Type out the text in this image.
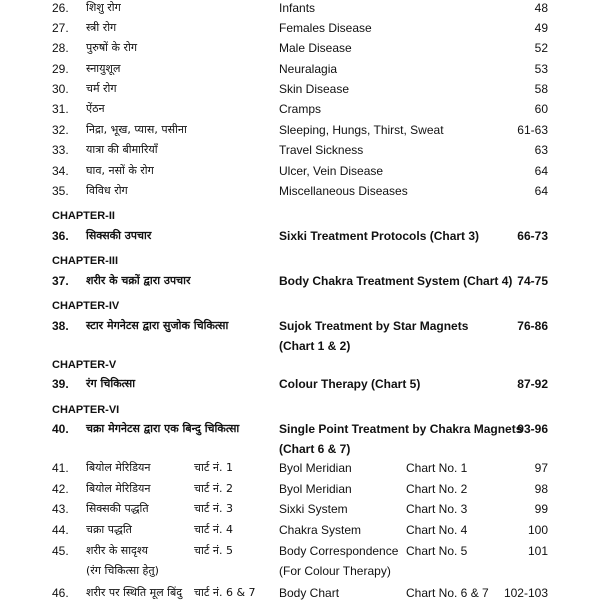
26. शिशु रोग	Infants	48
27. स्त्री रोग	Females Disease	49
28. पुरुषों के रोग	Male Disease	52
29. स्नायुशूल	Neuralagia	53
30. चर्म रोग	Skin Disease	58
31. ऐंठन	Cramps	60
32. निद्रा, भूख, प्यास, पसीना	Sleeping, Hungs, Thirst, Sweat	61-63
33. यात्रा की बीमारियाँ	Travel Sickness	63
34. घाव, नसों के रोग	Ulcer, Vein Disease	64
35. विविध रोग	Miscellaneous Diseases	64
CHAPTER-II
36. सिक्सकी उपचार	Sixki Treatment Protocols (Chart 3)	66-73
CHAPTER-III
37. शरीर के चक्रों द्वारा उपचार	Body Chakra Treatment System (Chart 4) 74-75
CHAPTER-IV
38. स्टार मेगनेटस द्वारा सुजोक चिकित्सा	Sujok Treatment by Star Magnets
(Chart 1 & 2)
76-86
CHAPTER-V
39. रंग चिकित्सा	Colour Therapy (Chart 5)	87-92
CHAPTER-VI
40. चक्रा मेगनेटस द्वारा एक बिन्दु चिकित्सा	Single Point Treatment by Chakra Magnets
(Chart 6 & 7)
93-96
41. बियोल मेरिडियन	चार्ट नं. 1	Byol Meridian	Chart No. 1	97
42. बियोल मेरिडियन	चार्ट नं. 2	Byol Meridian	Chart No. 2	98
43. सिक्सकी पद्धति	चार्ट नं. 3	Sixki System	Chart No. 3	99
44. चक्रा पद्धति	चार्ट नं. 4	Chakra System	Chart No. 4	100
45. शरीर के सादृश्य
(रंग चिकित्सा हेतु)
चार्ट नं. 5	Body Correspondence
(For Colour Therapy)
Chart No. 5	101
46. शरीर पर स्थिति मूल बिंदु चार्ट नं. 6 & 7 Body Chart	Chart No. 6 & 7 102-103
